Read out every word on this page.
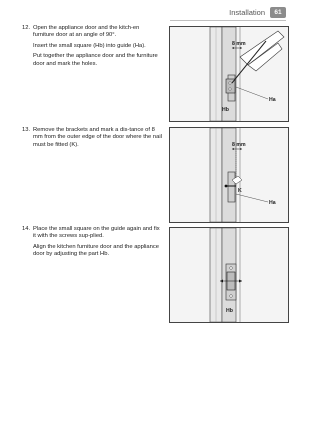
Installation	61
12. Open the appliance door and the kitch-en furniture door at an angle of 90°.

Insert the small square (Hb) into guide (Ha).

Put together the appliance door and the furniture door and mark the holes.

13. Remove the brackets and mark a dis-tance of 8 mm from the outer edge of the door where the nail must be fitted (K).

14. Place the small square on the guide again and fix it with the screws sup-plied.

Align the kitchen furniture door and the appliance door by adjusting the part Hb.

8 mm
Ha
Hb
8 mm
K
Ha
Hb
